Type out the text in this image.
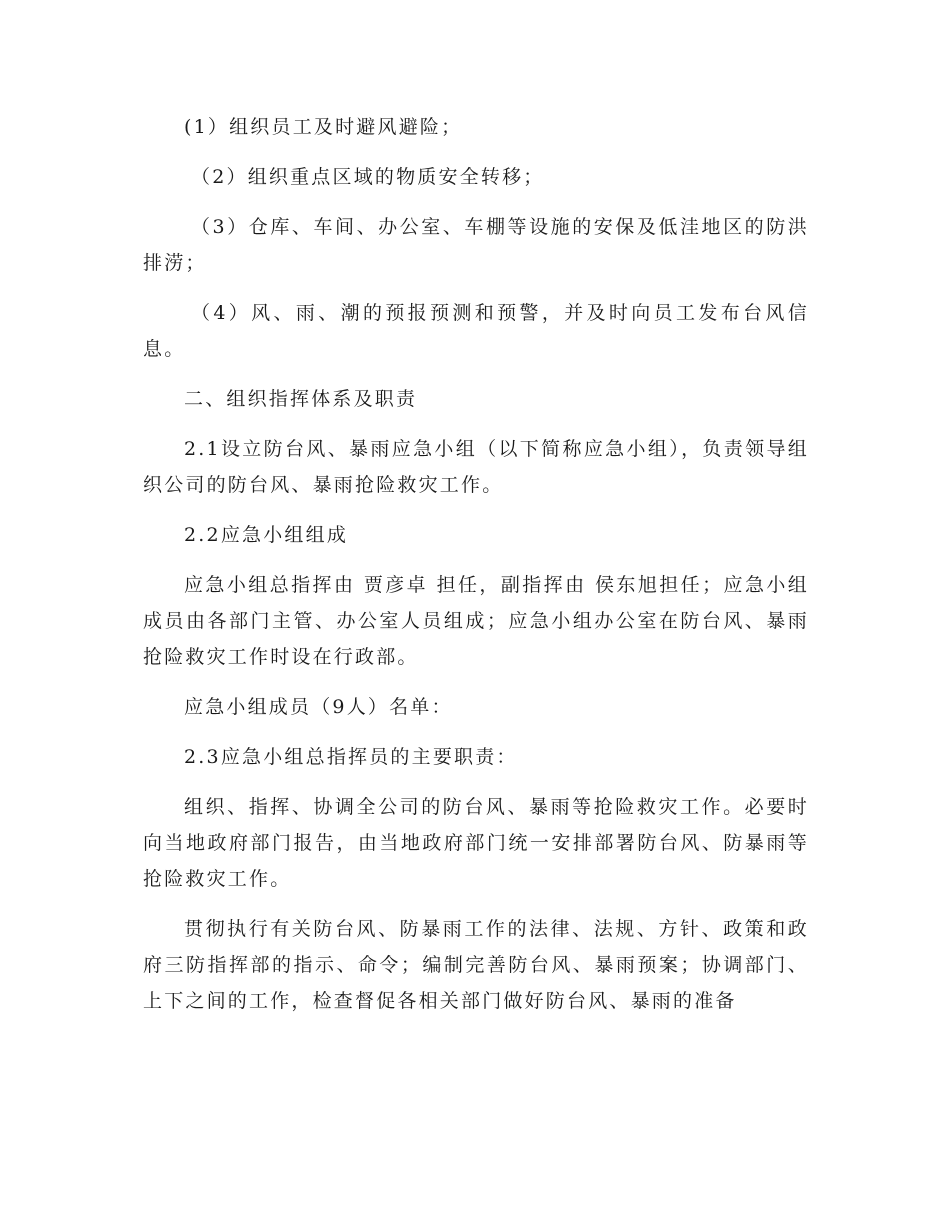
(1）组织员工及时避风避险；

（2）组织重点区域的物质安全转移；

（3）仓库、车间、办公室、车棚等设施的安保及低洼地区的防洪排涝；

（4）风、雨、潮的预报预测和预警，并及时向员工发布台风信息。

二、组织指挥体系及职责

2.1设立防台风、暴雨应急小组（以下简称应急小组），负责领导组织公司的防台风、暴雨抢险救灾工作。

2.2应急小组组成

应急小组总指挥由 贾彦卓 担任，副指挥由 侯东旭担任；应急小组成员由各部门主管、办公室人员组成；应急小组办公室在防台风、暴雨抢险救灾工作时设在行政部。

应急小组成员（9人）名单：

2.3应急小组总指挥员的主要职责：

组织、指挥、协调全公司的防台风、暴雨等抢险救灾工作。必要时向当地政府部门报告，由当地政府部门统一安排部署防台风、防暴雨等抢险救灾工作。

贯彻执行有关防台风、防暴雨工作的法律、法规、方针、政策和政府三防指挥部的指示、命令；编制完善防台风、暴雨预案；协调部门、上下之间的工作，检查督促各相关部门做好防台风、暴雨的准备
